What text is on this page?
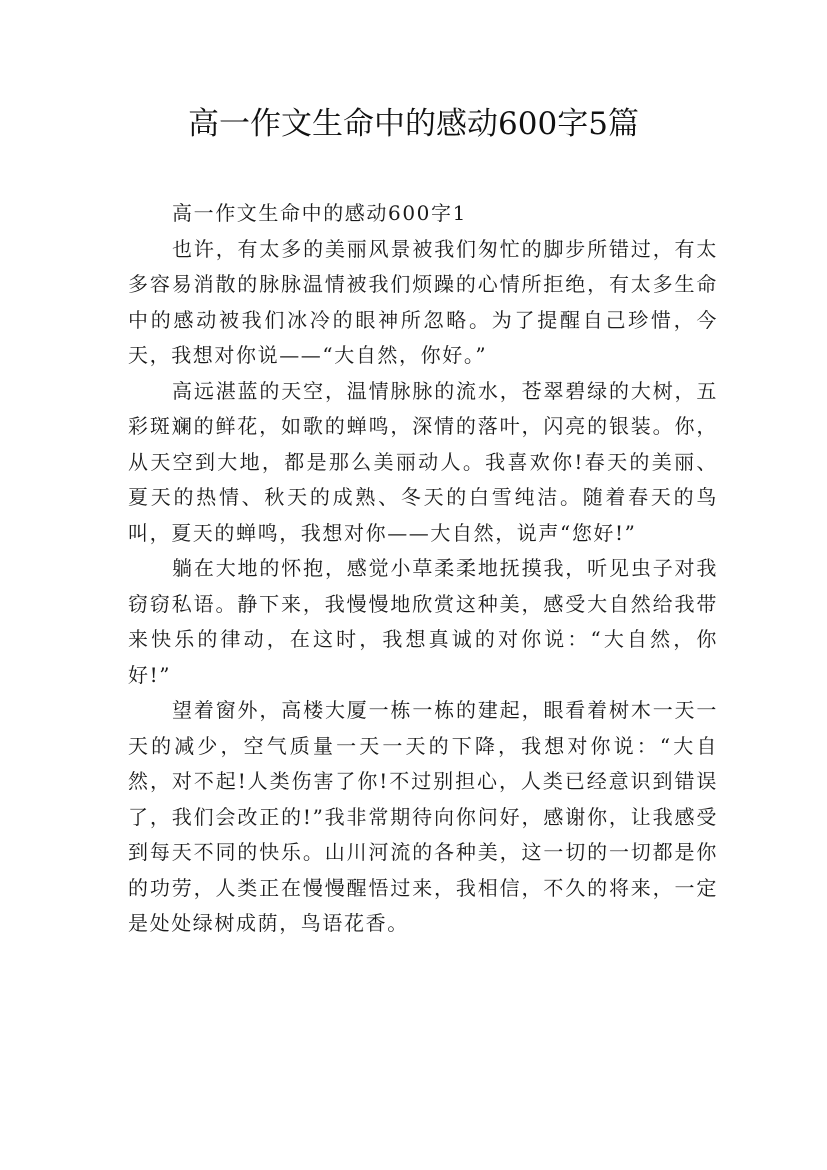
高一作文生命中的感动600字5篇

高一作文生命中的感动600字1

也许，有太多的美丽风景被我们匆忙的脚步所错过，有太多容易消散的脉脉温情被我们烦躁的心情所拒绝，有太多生命中的感动被我们冰冷的眼神所忽略。为了提醒自己珍惜，今天，我想对你说——“大自然，你好。”

高远湛蓝的天空，温情脉脉的流水，苍翠碧绿的大树，五彩斑斓的鲜花，如歌的蝉鸣，深情的落叶，闪亮的银装。你，从天空到大地，都是那么美丽动人。我喜欢你!春天的美丽、夏天的热情、秋天的成熟、冬天的白雪纯洁。随着春天的鸟叫，夏天的蝉鸣，我想对你——大自然，说声“您好!”

躺在大地的怀抱，感觉小草柔柔地抚摸我，听见虫子对我窃窃私语。静下来，我慢慢地欣赏这种美，感受大自然给我带来快乐的律动，在这时，我想真诚的对你说：“大自然，你好!”

望着窗外，高楼大厦一栋一栋的建起，眼看着树木一天一天的减少，空气质量一天一天的下降，我想对你说：“大自然，对不起!人类伤害了你!不过别担心，人类已经意识到错误了，我们会改正的!”我非常期待向你问好，感谢你，让我感受到每天不同的快乐。山川河流的各种美，这一切的一切都是你的功劳，人类正在慢慢醒悟过来，我相信，不久的将来，一定是处处绿树成荫，鸟语花香。
